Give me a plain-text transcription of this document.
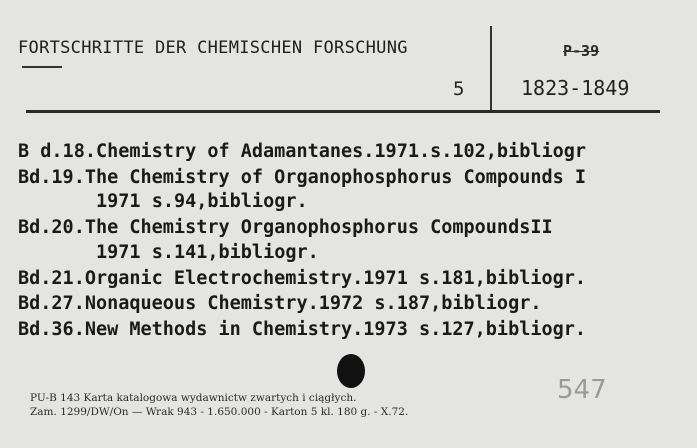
FORTSCHRITTE DER CHEMISCHEN FORSCHUNG	P-39
5	1823-1849
B d.18.Chemistry of Adamantanes.1971.s.102,bibliogr
Bd.19.The Chemistry of Organophosphorus Compounds I
1971 s.94,bibliogr.
Bd.20.The Chemistry Organophosphorus CompoundsII
1971 s.141,bibliogr.
Bd.21.Organic Electrochemistry.1971 s.181,bibliogr.
Bd.27.Nonaqueous Chemistry.1972 s.187,bibliogr.
Bd.36.New Methods in Chemistry.1973 s.127,bibliogr.
PU-B 143 Karta katalogowa wydawnictw zwartych i ciągłych.
Zam. 1299/DW/On — Wrak 943 - 1.650.000 - Karton 5 kl. 180 g. - X.72.
547
